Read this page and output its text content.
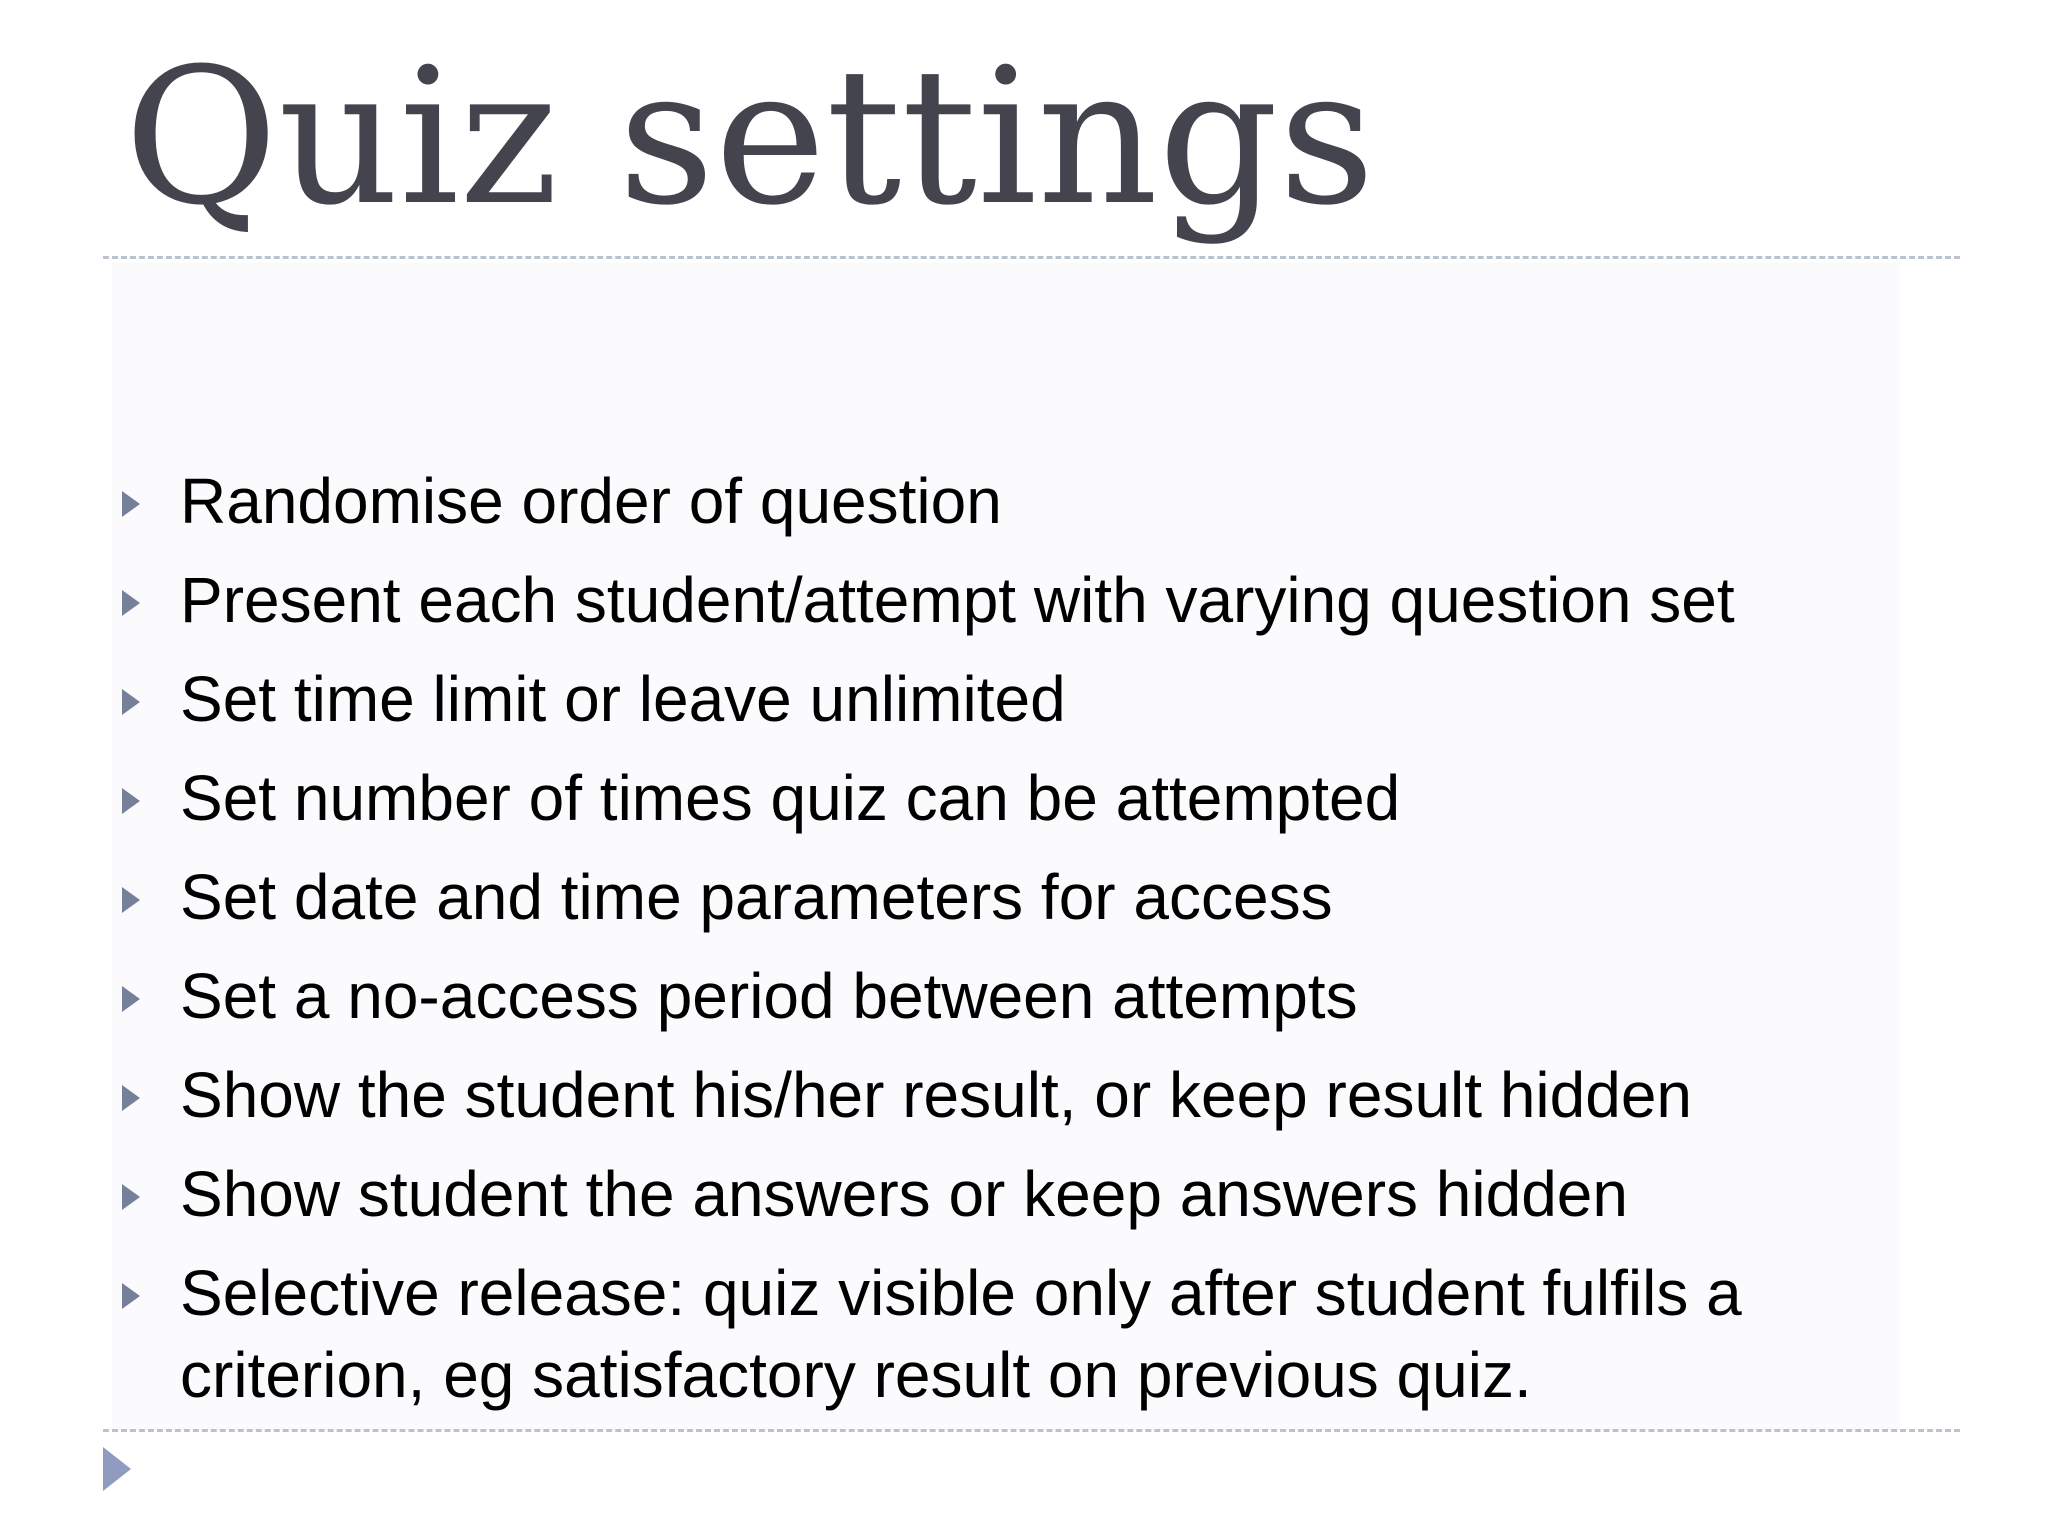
Quiz settings
Randomise order of question
Present each student/attempt with varying question set
Set time limit or leave unlimited
Set number of times quiz can be attempted
Set date and time parameters for access
Set a no-access period between attempts
Show the student his/her result, or keep result hidden
Show student the answers or keep answers hidden
Selective release: quiz visible only after student fulfils a criterion, eg satisfactory result on previous quiz.
